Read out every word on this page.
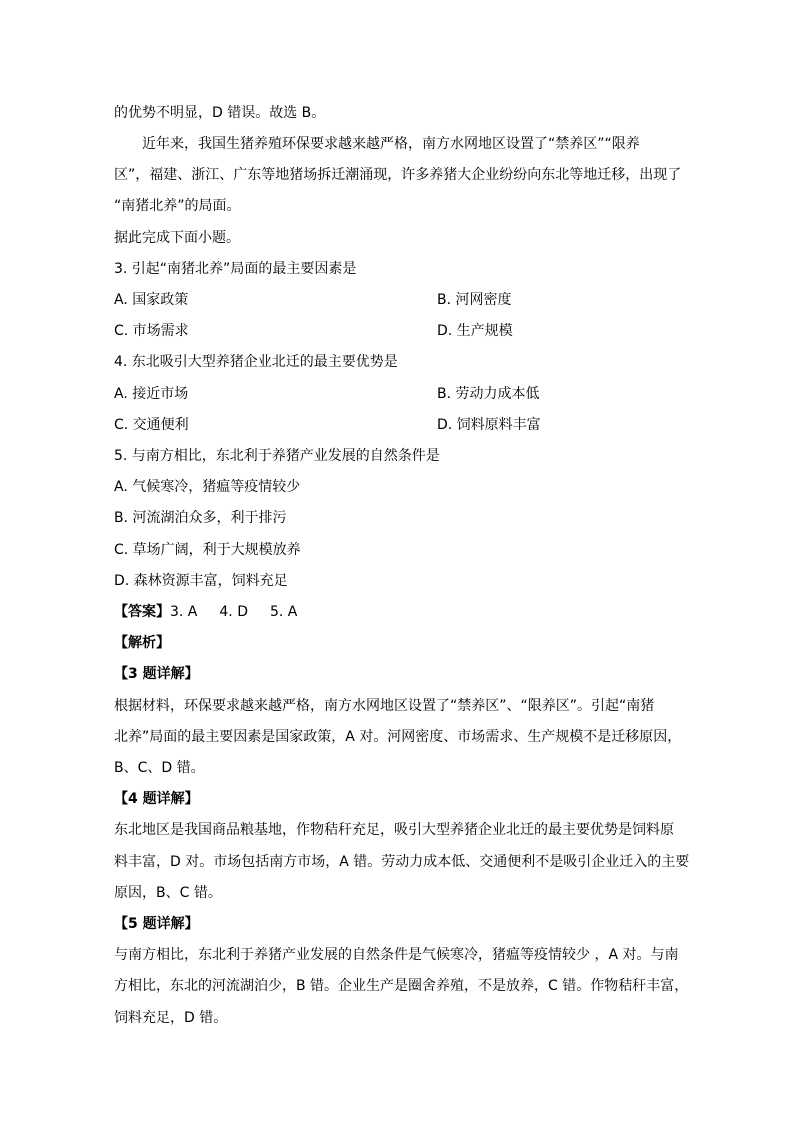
的优势不明显，D 错误。故选 B。
近年来，我国生猪养殖环保要求越来越严格，南方水网地区设置了“禁养区”“限养
区”，福建、浙江、广东等地猪场拆迁潮涌现，许多养猪大企业纷纷向东北等地迁移，出现了
“南猪北养”的局面。
据此完成下面小题。
3. 引起“南猪北养”局面的最主要因素是
A. 国家政策	B. 河网密度
C. 市场需求	D. 生产规模
4. 东北吸引大型养猪企业北迁的最主要优势是
A. 接近市场	B. 劳动力成本低
C. 交通便利	D. 饲料原料丰富
5. 与南方相比，东北利于养猪产业发展的自然条件是
A. 气候寒冷，猪瘟等疫情较少
B. 河流湖泊众多，利于排污
C. 草场广阔，利于大规模放养
D. 森林资源丰富，饲料充足
【答案】3. A 4. D 5. A
【解析】
【3 题详解】
根据材料，环保要求越来越严格，南方水网地区设置了“禁养区”、“限养区”。引起“南猪
北养”局面的最主要因素是国家政策，A 对。河网密度、市场需求、生产规模不是迁移原因，
B、C、D 错。
【4 题详解】
东北地区是我国商品粮基地，作物秸秆充足，吸引大型养猪企业北迁的最主要优势是饲料原
料丰富，D 对。市场包括南方市场，A 错。劳动力成本低、交通便利不是吸引企业迁入的主要
原因，B、C 错。
【5 题详解】
与南方相比，东北利于养猪产业发展的自然条件是气候寒冷，猪瘟等疫情较少 ，A 对。与南
方相比，东北的河流湖泊少，B 错。企业生产是圈舍养殖，不是放养，C 错。作物秸秆丰富，
饲料充足，D 错。
